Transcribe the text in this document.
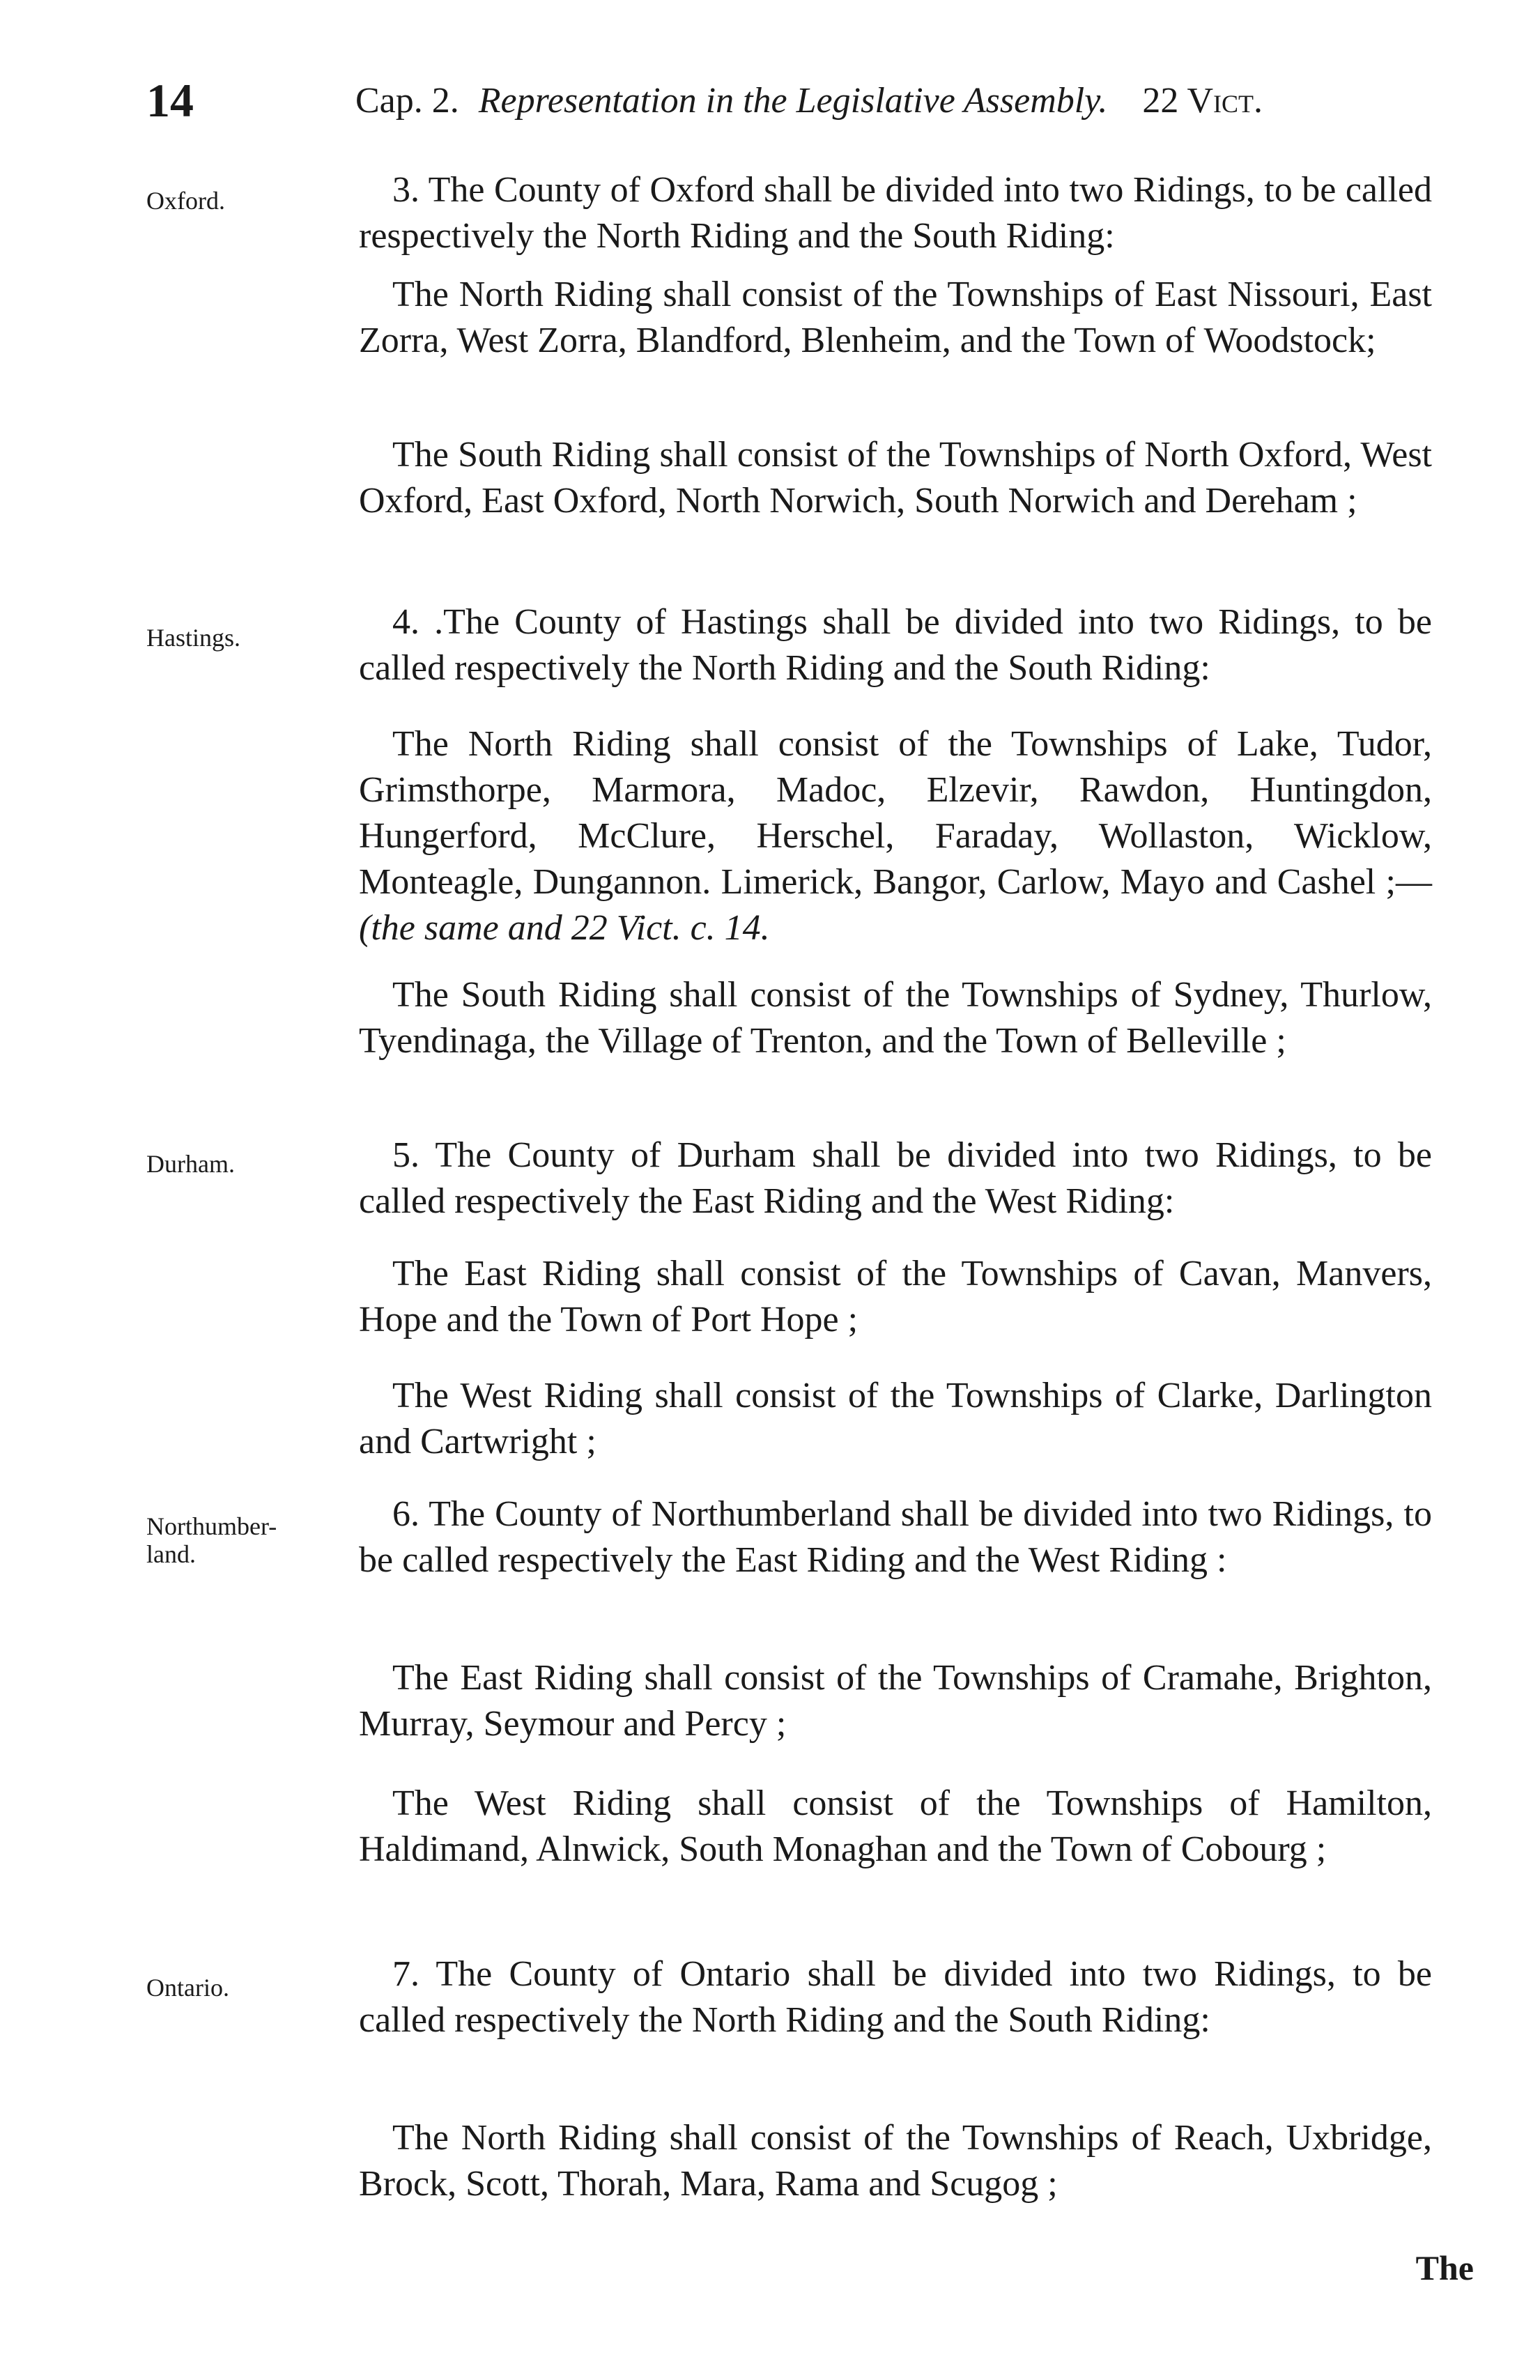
14	Cap. 2. Representation in the Legislative Assembly. 22 Vict.
Oxford.	3. The County of Oxford shall be divided into two Ridings, to be called respectively the North Riding and the South Riding:
The North Riding shall consist of the Townships of East Nissouri, East Zorra, West Zorra, Blandford, Blenheim, and the Town of Woodstock;
The South Riding shall consist of the Townships of North Oxford, West Oxford, East Oxford, North Norwich, South Norwich and Dereham ;
Hastings.	4. .The County of Hastings shall be divided into two Ridings, to be called respectively the North Riding and the South Riding:
The North Riding shall consist of the Townships of Lake, Tudor, Grimsthorpe, Marmora, Madoc, Elzevir, Rawdon, Huntingdon, Hungerford, McClure, Herschel, Faraday, Wollaston, Wicklow, Monteagle, Dungannon. Limerick, Bangor, Carlow, Mayo and Cashel ;—(the same and 22 Vict. c. 14.
The South Riding shall consist of the Townships of Sydney, Thurlow, Tyendinaga, the Village of Trenton, and the Town of Belleville ;
Durham.	5. The County of Durham shall be divided into two Ridings, to be called respectively the East Riding and the West Riding:
The East Riding shall consist of the Townships of Cavan, Manvers, Hope and the Town of Port Hope ;
The West Riding shall consist of the Townships of Clarke, Darlington and Cartwright ;
Northumber-
land.
6. The County of Northumberland shall be divided into two Ridings, to be called respectively the East Riding and the West Riding :
The East Riding shall consist of the Townships of Cramahe, Brighton, Murray, Seymour and Percy ;
The West Riding shall consist of the Townships of Hamilton, Haldimand, Alnwick, South Monaghan and the Town of Cobourg ;
Ontario.	7. The County of Ontario shall be divided into two Ridings, to be called respectively the North Riding and the South Riding:
The North Riding shall consist of the Townships of Reach, Uxbridge, Brock, Scott, Thorah, Mara, Rama and Scugog ;
The
